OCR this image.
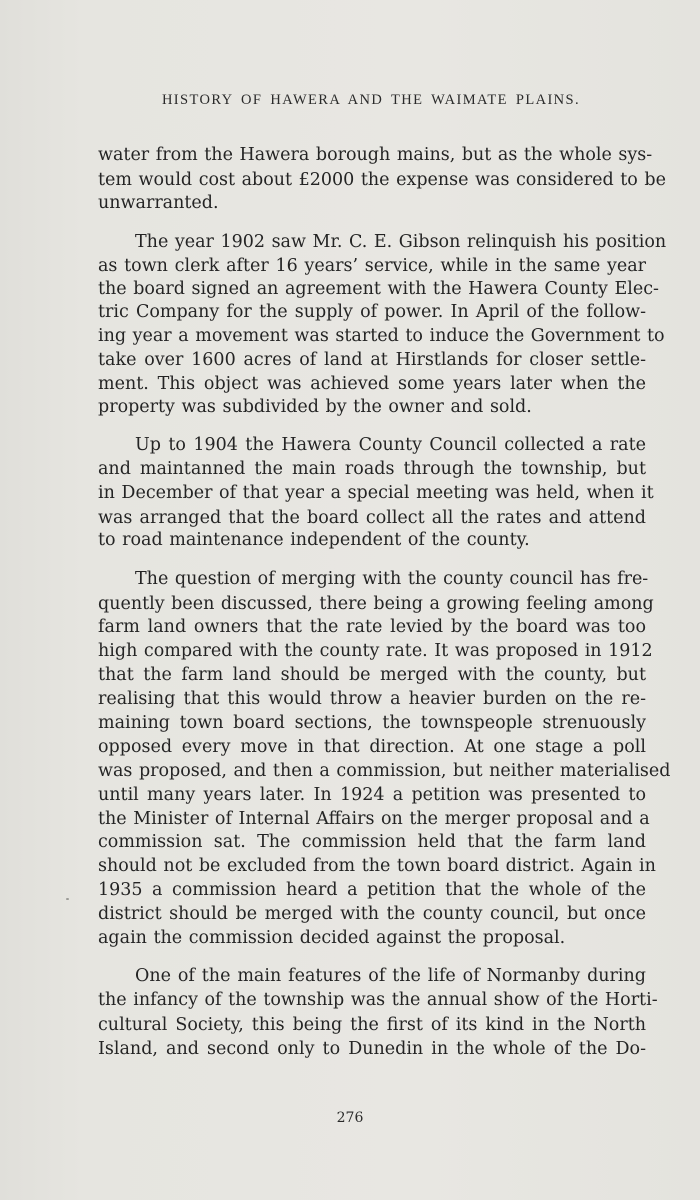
HISTORY OF HAWERA AND THE WAIMATE PLAINS.
water from the Hawera borough mains, but as the whole sys-
tem would cost about £2000 the expense was considered to be
unwarranted.
The year 1902 saw Mr. C. E. Gibson relinquish his position
as town clerk after 16 years’ service, while in the same year
the board signed an agreement with the Hawera County Elec-
tric Company for the supply of power. In April of the follow-
ing year a movement was started to induce the Government to
take over 1600 acres of land at Hirstlands for closer settle-
ment. This object was achieved some years later when the
property was subdivided by the owner and sold.
Up to 1904 the Hawera County Council collected a rate
and maintanned the main roads through the township, but
in December of that year a special meeting was held, when it
was arranged that the board collect all the rates and attend
to road maintenance independent of the county.
The question of merging with the county council has fre-
quently been discussed, there being a growing feeling among
farm land owners that the rate levied by the board was too
high compared with the county rate. It was proposed in 1912
that the farm land should be merged with the county, but
realising that this would throw a heavier burden on the re-
maining town board sections, the townspeople strenuously
opposed every move in that direction. At one stage a poll
was proposed, and then a commission, but neither materialised
until many years later. In 1924 a petition was presented to
the Minister of Internal Affairs on the merger proposal and a
commission sat. The commission held that the farm land
should not be excluded from the town board district. Again in
1935 a commission heard a petition that the whole of the
district should be merged with the county council, but once
again the commission decided against the proposal.
One of the main features of the life of Normanby during
the infancy of the township was the annual show of the Horti-
cultural Society, this being the first of its kind in the North
Island, and second only to Dunedin in the whole of the Do-
276
